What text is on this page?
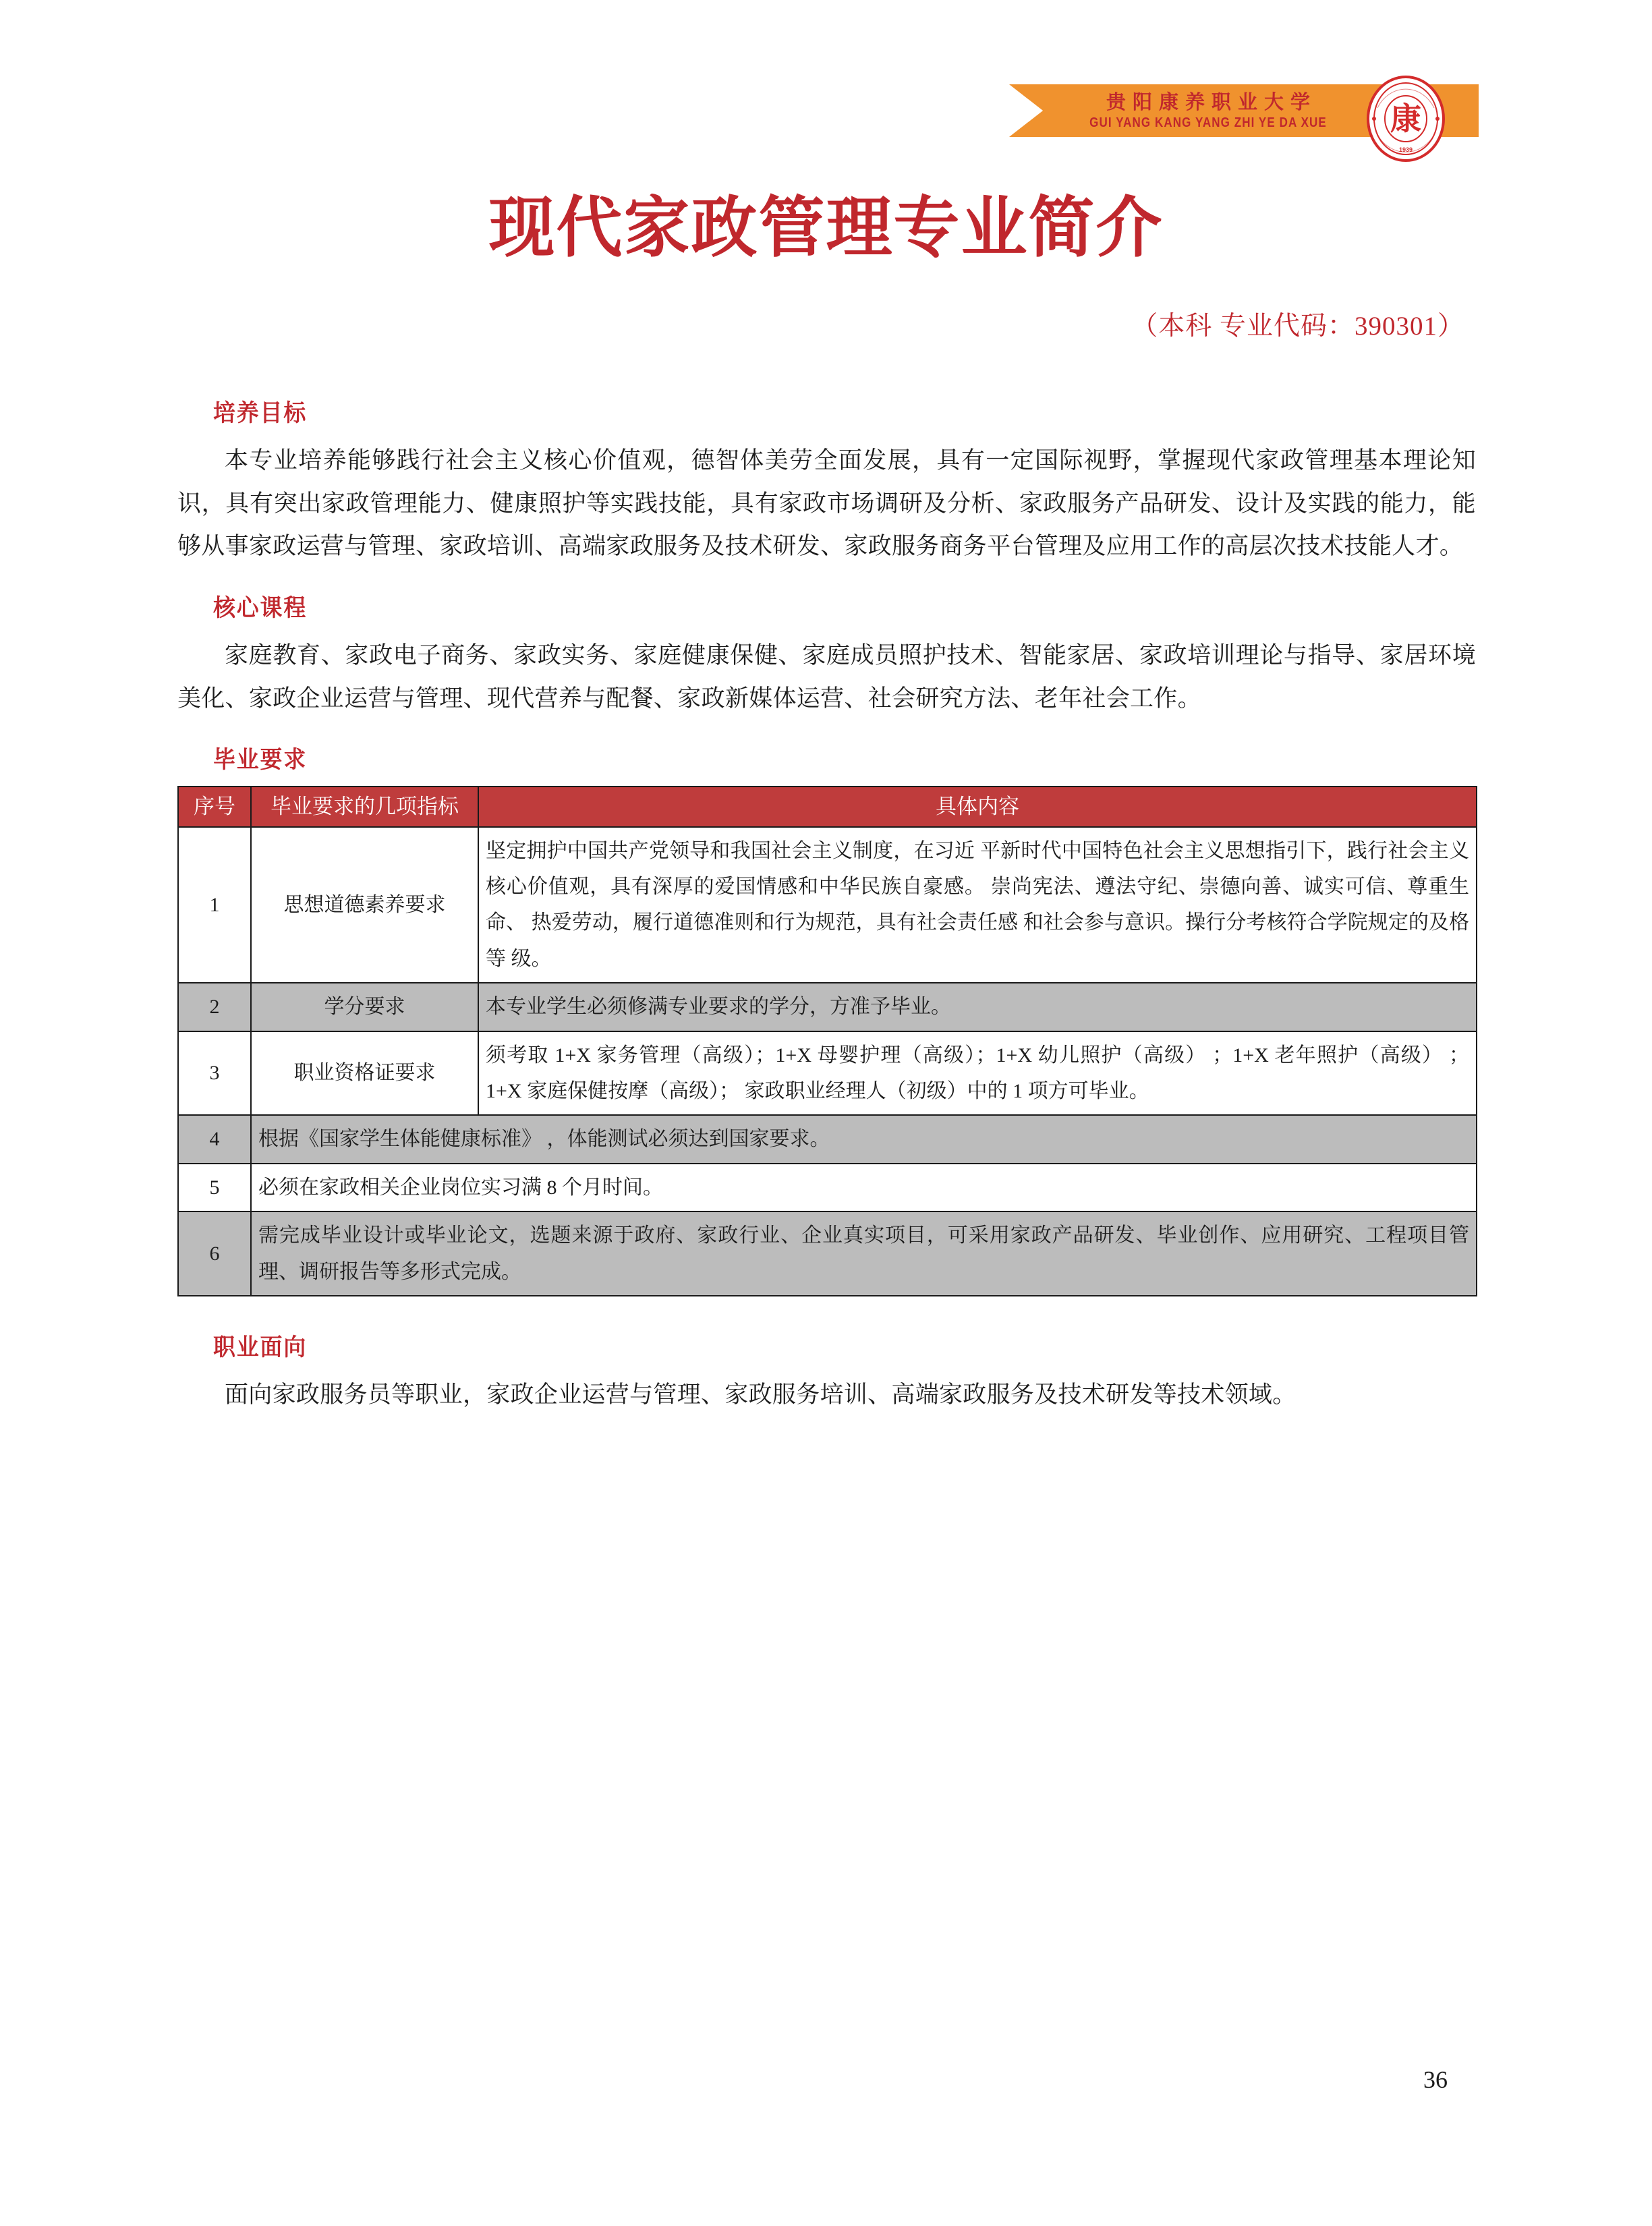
贵阳康养职业大学
GUI YANG KANG YANG ZHI YE DA XUE 康
1939
现代家政管理专业简介
（本科 专业代码：390301）
培养目标

本专业培养能够践行社会主义核心价值观，德智体美劳全面发展，具有一定国际视野，掌握现代家政管理基本理论知识，具有突出家政管理能力、健康照护等实践技能，具有家政市场调研及分析、家政服务产品研发、设计及实践的能力，能够从事家政运营与管理、家政培训、高端家政服务及技术研发、家政服务商务平台管理及应用工作的高层次技术技能人才。

核心课程

家庭教育、家政电子商务、家政实务、家庭健康保健、家庭成员照护技术、智能家居、家政培训理论与指导、家居环境美化、家政企业运营与管理、现代营养与配餐、家政新媒体运营、社会研究方法、老年社会工作。

毕业要求
序号	毕业要求的几项指标	具体内容
1	思想道德素养要求	坚定拥护中国共产党领导和我国社会主义制度，在习近 平新时代中国特色社会主义思想指引下，践行社会主义 核心价值观，具有深厚的爱国情感和中华民族自豪感。 崇尚宪法、遵法守纪、崇德向善、诚实可信、尊重生命、 热爱劳动，履行道德准则和行为规范，具有社会责任感 和社会参与意识。操行分考核符合学院规定的及格等 级。
2	学分要求	本专业学生必须修满专业要求的学分，方准予毕业。
3	职业资格证要求	须考取 1+X 家务管理（高级）；1+X 母婴护理（高级）；1+X 幼儿照护（高级） ；1+X 老年照护（高级） ； 1+X 家庭保健按摩（高级）； 家政职业经理人（初级）中的 1 项方可毕业。
4	根据《国家学生体能健康标准》 ，体能测试必须达到国家要求。	
5	必须在家政相关企业岗位实习满 8 个月时间。	
6	需完成毕业设计或毕业论文，选题来源于政府、家政行业、企业真实项目，可采用家政产品研发、毕业创作、应用研究、工程项目管理、调研报告等多形式完成。	
职业面向

面向家政服务员等职业，家政企业运营与管理、家政服务培训、高端家政服务及技术研发等技术领域。

36
